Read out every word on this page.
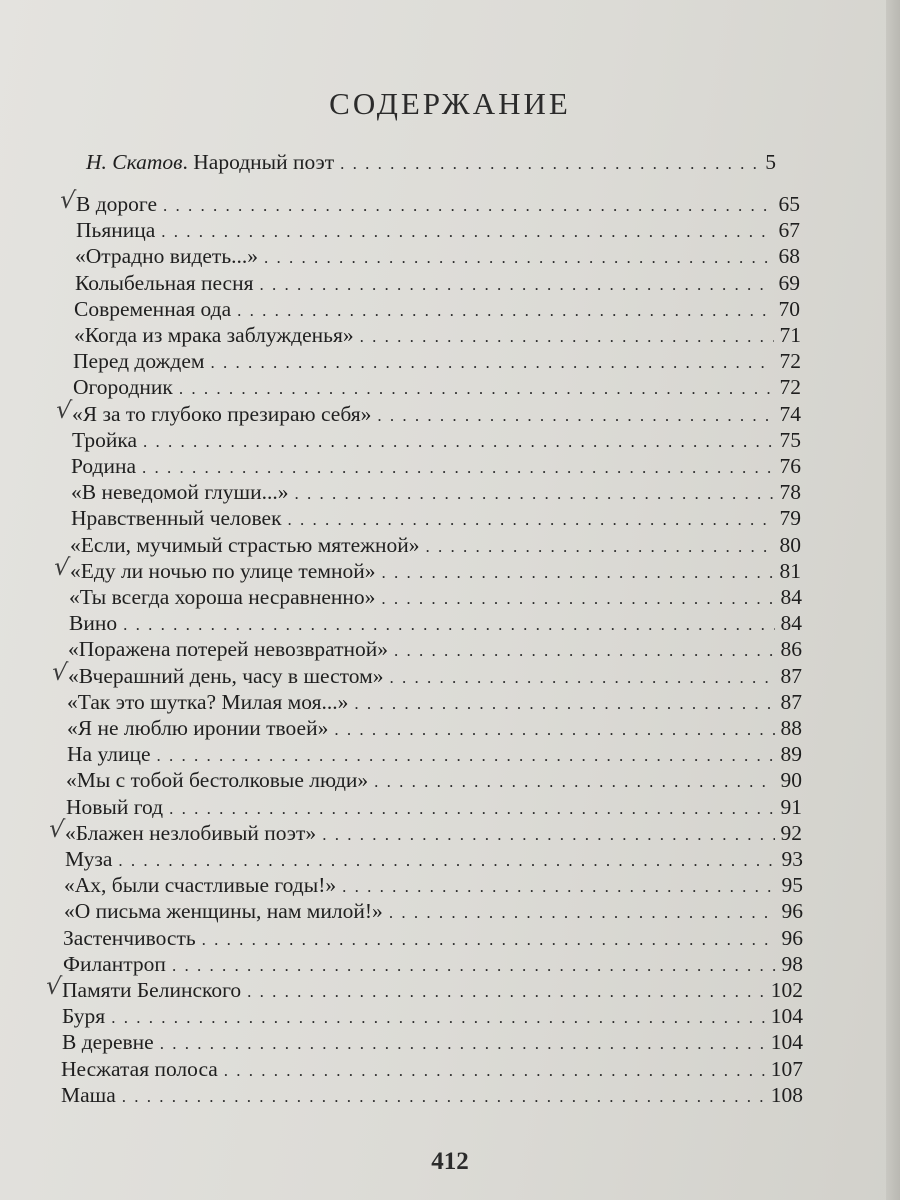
СОДЕРЖАНИЕ
Н. Скатов. Народный поэт . . .	5
В дороге . . .	65
√
Пьяница . . .	67
«Отрадно видеть...» . . .	68
Колыбельная песня . . .	69
Современная ода . . .	70
«Когда из мрака заблужденья» . . .	71
Перед дождем . . .	72
Огородник . . .	72
«Я за то глубоко презираю себя» . . .	74
√
Тройка . . .	75
Родина . . .	76
«В неведомой глуши...» . . .	78
Нравственный человек . . .	79
«Если, мучимый страстью мятежной» . . .	80
«Еду ли ночью по улице темной» . . .	81
√
«Ты всегда хороша несравненно» . . .	84
Вино . . .	84
«Поражена потерей невозвратной» . . .	86
«Вчерашний день, часу в шестом» . . .	87
√
«Так это шутка? Милая моя...» . . .	87
«Я не люблю иронии твоей» . . .	88
На улице . . .	89
«Мы с тобой бестолковые люди» . . .	90
Новый год . . .	91
«Блажен незлобивый поэт» . . .	92
√
Муза . . .	93
«Ах, были счастливые годы!» . . .	95
«О письма женщины, нам милой!» . . .	96
Застенчивость . . .	96
Филантроп . . .	98
Памяти Белинского . . .	102
√
Буря . . .	104
В деревне . . .	104
Несжатая полоса . . .	107
Маша . . .	108
412
